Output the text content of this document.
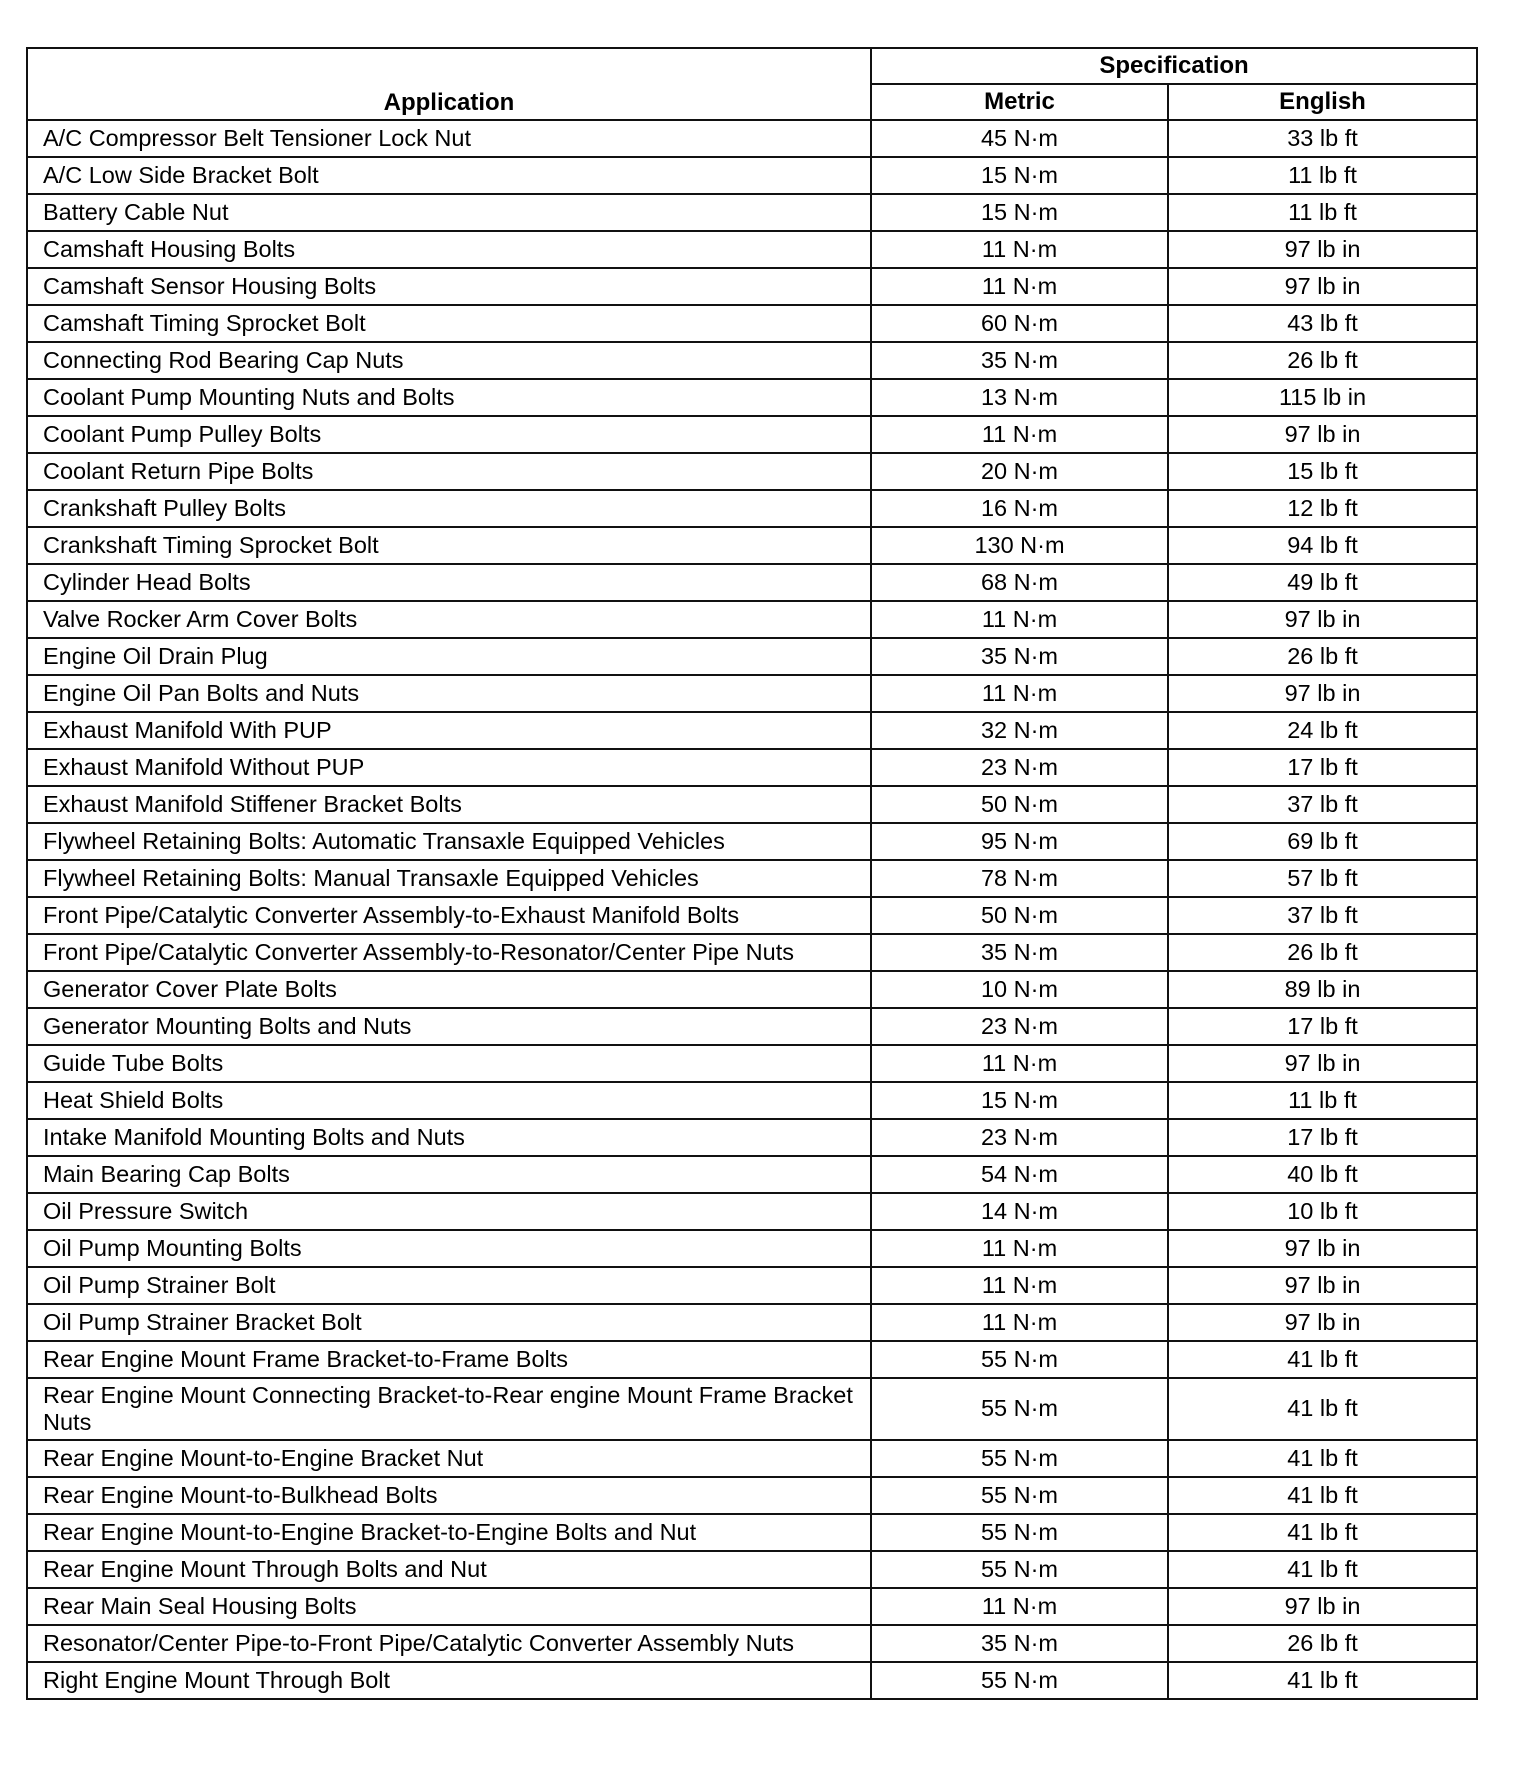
Application	Specification	
	Metric	English
A/C Compressor Belt Tensioner Lock Nut	45 N·m	33 lb ft
A/C Low Side Bracket Bolt	15 N·m	11 lb ft
Battery Cable Nut	15 N·m	11 lb ft
Camshaft Housing Bolts	11 N·m	97 lb in
Camshaft Sensor Housing Bolts	11 N·m	97 lb in
Camshaft Timing Sprocket Bolt	60 N·m	43 lb ft
Connecting Rod Bearing Cap Nuts	35 N·m	26 lb ft
Coolant Pump Mounting Nuts and Bolts	13 N·m	115 lb in
Coolant Pump Pulley Bolts	11 N·m	97 lb in
Coolant Return Pipe Bolts	20 N·m	15 lb ft
Crankshaft Pulley Bolts	16 N·m	12 lb ft
Crankshaft Timing Sprocket Bolt	130 N·m	94 lb ft
Cylinder Head Bolts	68 N·m	49 lb ft
Valve Rocker Arm Cover Bolts	11 N·m	97 lb in
Engine Oil Drain Plug	35 N·m	26 lb ft
Engine Oil Pan Bolts and Nuts	11 N·m	97 lb in
Exhaust Manifold With PUP	32 N·m	24 lb ft
Exhaust Manifold Without PUP	23 N·m	17 lb ft
Exhaust Manifold Stiffener Bracket Bolts	50 N·m	37 lb ft
Flywheel Retaining Bolts: Automatic Transaxle Equipped Vehicles	95 N·m	69 lb ft
Flywheel Retaining Bolts: Manual Transaxle Equipped Vehicles	78 N·m	57 lb ft
Front Pipe/Catalytic Converter Assembly-to-Exhaust Manifold Bolts	50 N·m	37 lb ft
Front Pipe/Catalytic Converter Assembly-to-Resonator/Center Pipe Nuts	35 N·m	26 lb ft
Generator Cover Plate Bolts	10 N·m	89 lb in
Generator Mounting Bolts and Nuts	23 N·m	17 lb ft
Guide Tube Bolts	11 N·m	97 lb in
Heat Shield Bolts	15 N·m	11 lb ft
Intake Manifold Mounting Bolts and Nuts	23 N·m	17 lb ft
Main Bearing Cap Bolts	54 N·m	40 lb ft
Oil Pressure Switch	14 N·m	10 lb ft
Oil Pump Mounting Bolts	11 N·m	97 lb in
Oil Pump Strainer Bolt	11 N·m	97 lb in
Oil Pump Strainer Bracket Bolt	11 N·m	97 lb in
Rear Engine Mount Frame Bracket-to-Frame Bolts	55 N·m	41 lb ft
Rear Engine Mount Connecting Bracket-to-Rear engine Mount Frame Bracket Nuts	55 N·m	41 lb ft
Rear Engine Mount-to-Engine Bracket Nut	55 N·m	41 lb ft
Rear Engine Mount-to-Bulkhead Bolts	55 N·m	41 lb ft
Rear Engine Mount-to-Engine Bracket-to-Engine Bolts and Nut	55 N·m	41 lb ft
Rear Engine Mount Through Bolts and Nut	55 N·m	41 lb ft
Rear Main Seal Housing Bolts	11 N·m	97 lb in
Resonator/Center Pipe-to-Front Pipe/Catalytic Converter Assembly Nuts	35 N·m	26 lb ft
Right Engine Mount Through Bolt	55 N·m	41 lb ft
